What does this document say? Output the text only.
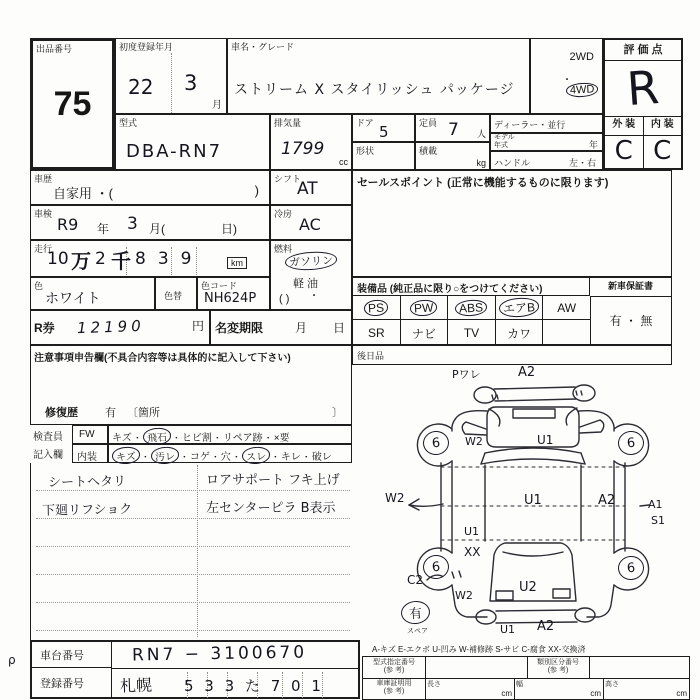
出品番号
75
初度登録年月
22 3
月
車名・グレード
ストリーム X スタイリッシュ パッケージ
2WD
・
4WD
評 価 点
R
外 装	内 装
C C
型式
DBA-RN7
排気量
1799
cc
ドア 5
形状
定員 7 人
積載
kg
ディーラー・並行
モデル
年式	年
ハンドル	左・右
車歴
自家用 ・(	)
シフト
AT
車検
R9 年 3 月(	日)
冷房
AC
走行
10 万 2 千 839	km
燃料
ガソリン
軽 油
・
( )
色
ホワイト	色替
色コード
NH624P
R券 12190	円 名変期限	月 日
注意事項申告欄(不具合内容等は具体的に記入して下さい)
修復歴 有 〔箇所	〕
検査員
記入欄
FW	キズ・ 飛石 ・ヒビ割・リペア跡・×要
内装	キズ ・ 汚レ ・コゲ・穴・ スレ ・キレ・破レ
シートヘタリ
下廻リフショク
ロアサポート フキ上げ
左センターピラ B表示
セールスポイント (正常に機能するものに限ります)
装備品 (純正品に限り○をつけてください)	新車保証書
有 ・ 無
PS	PW	ABS	エアB	AW
SR	ナビ	TV	カワ
後日品
Pワレ	A2
W2	U1
W2	U1	A2	A1
S1
U1
XX
C2
W2
U2
U1 A2
6	6
6	6
有
スペア
A-キズ E-エクボ U-凹み W-補修跡 S-サビ C-腐食 XX-交換済
車台番号	RN7 − 3100670
登録番号	札幌 5 3 3 た 7 0 1
ρ	型式指定番号
(参 考)
類別区分番号
(参 考)
車庫証明用
(参 考)
長さ
cm
幅
cm
高さ
cm
